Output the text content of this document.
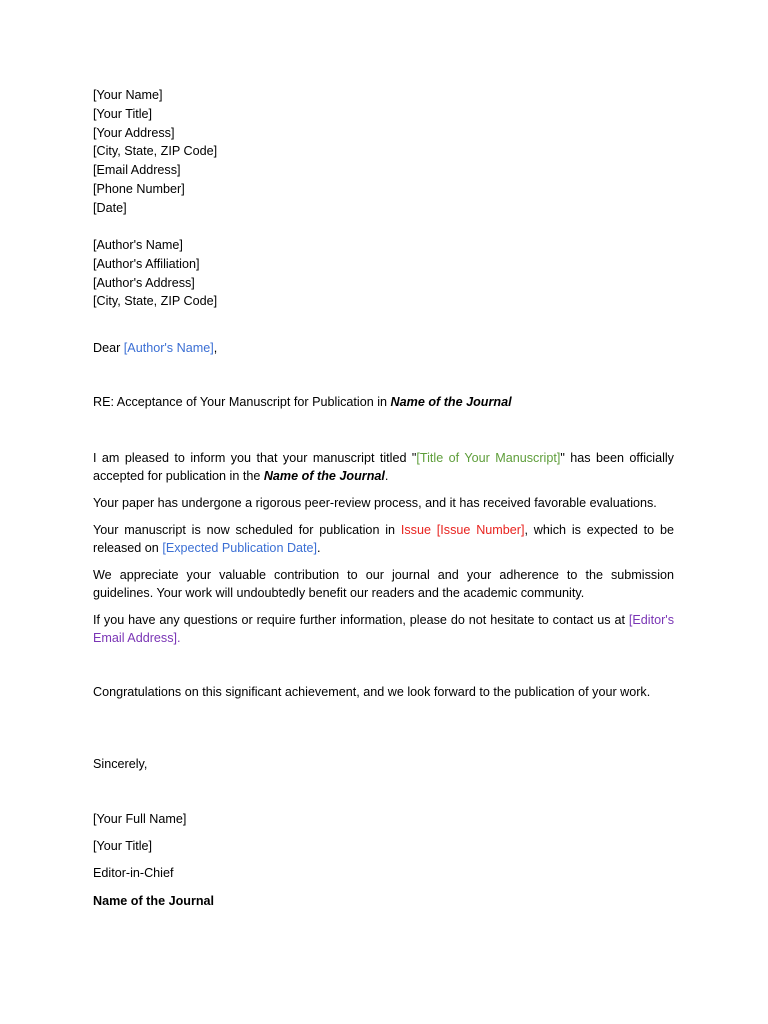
[Your Name]
[Your Title]
[Your Address]
[City, State, ZIP Code]
[Email Address]
[Phone Number]
[Date]
[Author's Name]
[Author's Affiliation]
[Author's Address]
[City, State, ZIP Code]
Dear [Author's Name],
RE: Acceptance of Your Manuscript for Publication in Name of the Journal
I am pleased to inform you that your manuscript titled "[Title of Your Manuscript]" has been officially accepted for publication in the Name of the Journal.
Your paper has undergone a rigorous peer-review process, and it has received favorable evaluations.
Your manuscript is now scheduled for publication in Issue [Issue Number], which is expected to be released on [Expected Publication Date].
We appreciate your valuable contribution to our journal and your adherence to the submission guidelines. Your work will undoubtedly benefit our readers and the academic community.
If you have any questions or require further information, please do not hesitate to contact us at [Editor's Email Address].
Congratulations on this significant achievement, and we look forward to the publication of your work.
Sincerely,
[Your Full Name]
[Your Title]
Editor-in-Chief
Name of the Journal
